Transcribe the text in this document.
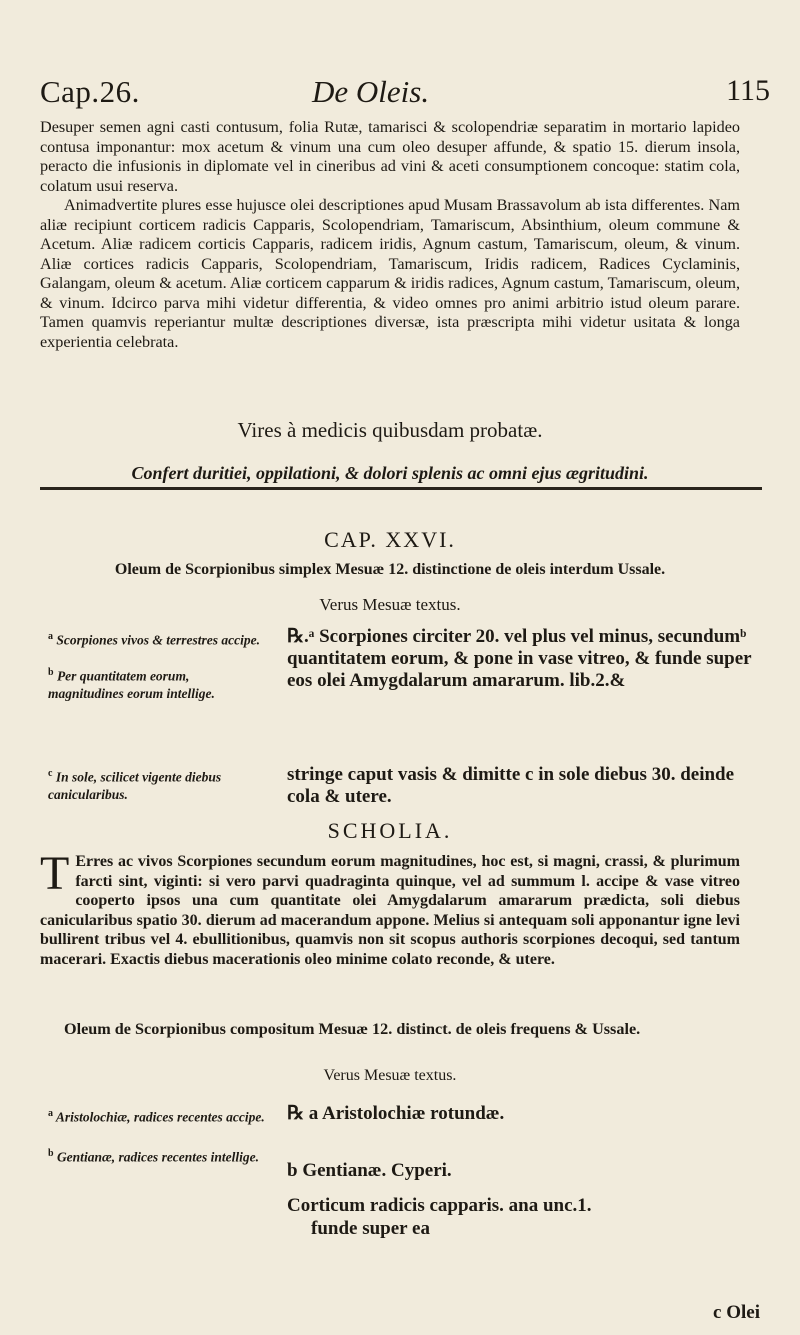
Cap.26.	De Oleis.	115

Desuper semen agni casti contusum, folia Rutæ, tamarisci & scolopendriæ separatim in mortario lapideo contusa imponantur: mox acetum & vinum una cum oleo desuper affunde, & spatio 15. dierum insola, peracto die infusionis in diplomate vel in cineribus ad vini & aceti consumptionem concoque: statim cola, colatum usui reserva.

Animadvertite plures esse hujusce olei descriptiones apud Musam Brassavolum ab ista differentes. Nam aliæ recipiunt corticem radicis Capparis, Scolopendriam, Tamariscum, Absinthium, oleum commune & Acetum. Aliæ radicem corticis Capparis, radicem iridis, Agnum castum, Tamariscum, oleum, & vinum. Aliæ cortices radicis Capparis, Scolopendriam, Tamariscum, Iridis radicem, Radices Cyclaminis, Galangam, oleum & acetum. Aliæ corticem capparum & iridis radices, Agnum castum, Tamariscum, oleum, & vinum. Idcirco parva mihi videtur differentia, & video omnes pro animi arbitrio istud oleum parare. Tamen quamvis reperiantur multæ descriptiones diversæ, ista præscripta mihi videtur usitata & longa experientia celebrata.

Vires à medicis quibusdam probatæ.
Confert duritiei, oppilationi, & dolori splenis ac omni ejus ægritudini.
CAP. XXVI.
Oleum de Scorpionibus simplex Mesuæ 12. distinctione de oleis interdum Ussale.
Verus Mesuæ textus.
$^a$ Scorpiones vivos & terrestres accipe.
$^b$ Per quantitatem eorum, magnitudines eorum intellige.
$^c$ In sole, scilicet vigente diebus canicularibus.
℞.ᵃ Scorpiones circiter 20. vel plus vel minus, secundumᵇ quantitatem eorum, & pone in vase vitreo, & funde super eos olei Amygdalarum amararum. lib.2.&
stringe caput vasis & dimitte c in sole diebus 30. deinde cola & utere.
SCHOLIA.
T Erres ac vivos Scorpiones secundum eorum magnitudines, hoc est, si magni, crassi, & plurimum farcti sint, viginti: si vero parvi quadraginta quinque, vel ad summum l. accipe & vase vitreo cooperto ipsos una cum quantitate olei Amygdalarum amararum prædicta, soli diebus canicularibus spatio 30. dierum ad macerandum appone. Melius si antequam soli apponantur igne levi bullirent tribus vel 4. ebullitionibus, quamvis non sit scopus authoris scorpiones decoqui, sed tantum macerari. Exactis diebus macerationis oleo minime colato reconde, & utere.

Oleum de Scorpionibus compositum Mesuæ 12. distinct. de oleis frequens & Ussale.

Verus Mesuæ textus.
$^a$ Aristolochiæ, radices recentes accipe.
$^b$ Gentianæ, radices recentes intellige.
℞ a Aristolochiæ rotundæ.
b Gentianæ. Cyperi.
Corticum radicis capparis. ana unc.1.
funde super ea
c Olei
